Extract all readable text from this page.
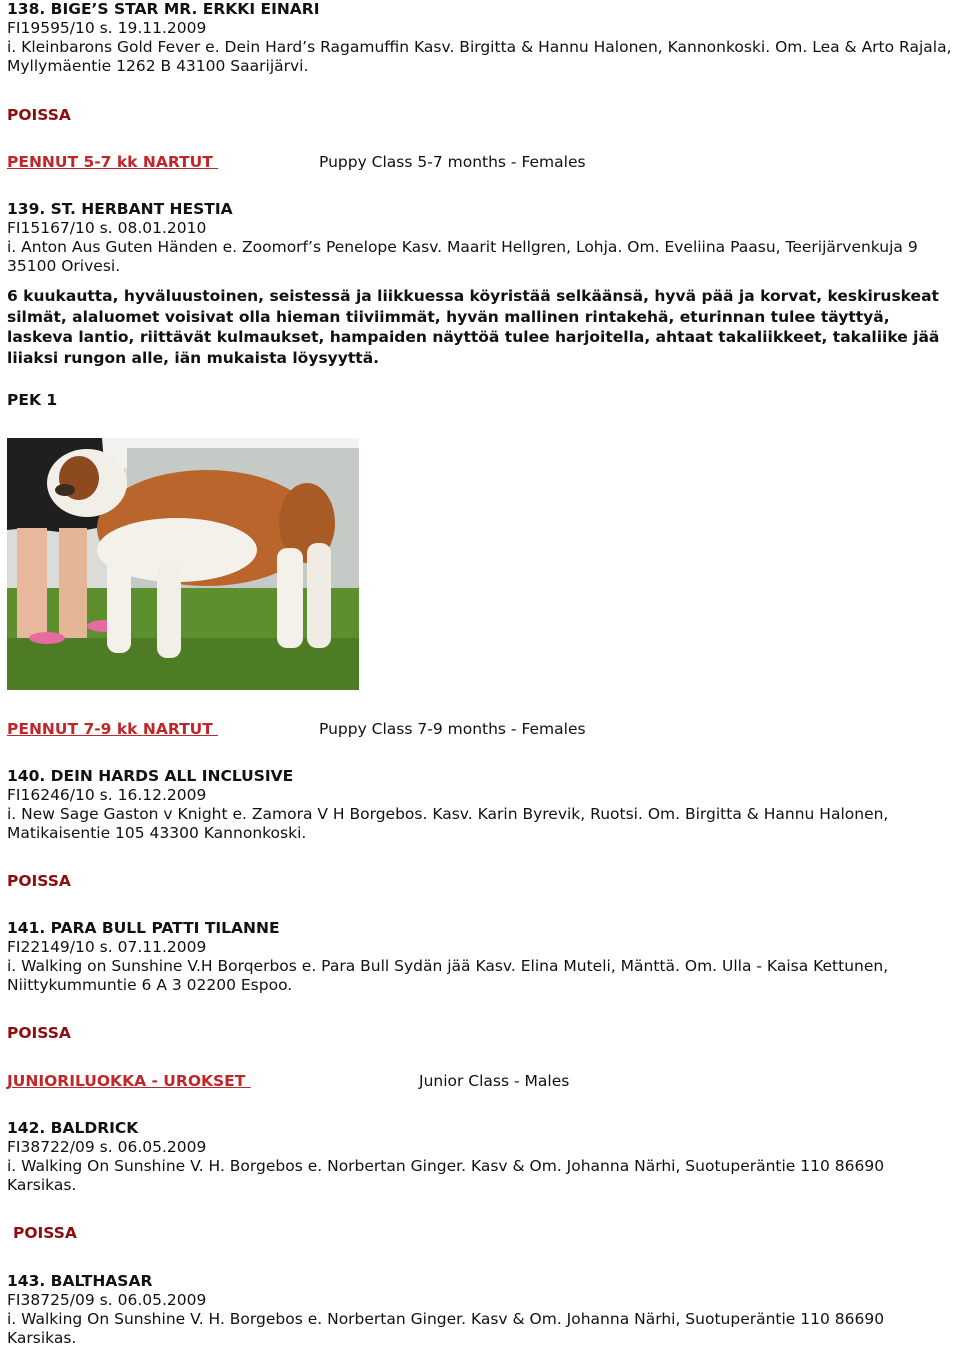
138. BIGE’S STAR MR. ERKKI EINARI
FI19595/10 s. 19.11.2009
i. Kleinbarons Gold Fever e. Dein Hard’s Ragamuffin Kasv. Birgitta & Hannu Halonen, Kannonkoski. Om. Lea & Arto Rajala, Myllymäentie 1262 B 43100 Saarijärvi.
POISSA
PENNUT 5-7 kk NARTUT	Puppy Class 5-7 months - Females
139. ST. HERBANT HESTIA
FI15167/10 s. 08.01.2010
i. Anton Aus Guten Händen e. Zoomorf’s Penelope Kasv. Maarit Hellgren, Lohja. Om. Eveliina Paasu, Teerijärvenkuja 9 35100 Orivesi.
6 kuukautta, hyväluustoinen, seistessä ja liikkuessa köyristää selkäänsä, hyvä pää ja korvat, keskiruskeat silmät, alaluomet voisivat olla hieman tiiviimmät, hyvän mallinen rintakehä, eturinnan tulee täyttyä, laskeva lantio, riittävät kulmaukset, hampaiden näyttöä tulee harjoitella, ahtaat takaliikkeet, takaliike jää liiaksi rungon alle, iän mukaista löysyyttä.
PEK 1
PENNUT 7-9 kk NARTUT	Puppy Class 7-9 months - Females
140. DEIN HARDS ALL INCLUSIVE
FI16246/10 s. 16.12.2009
i. New Sage Gaston v Knight e. Zamora V H Borgebos. Kasv. Karin Byrevik, Ruotsi. Om. Birgitta & Hannu Halonen, Matikaisentie 105 43300 Kannonkoski.
POISSA
141. PARA BULL PATTI TILANNE
FI22149/10 s. 07.11.2009
i. Walking on Sunshine V.H Borqerbos e. Para Bull Sydän jää Kasv. Elina Muteli, Mänttä. Om. Ulla - Kaisa Kettunen, Niittykummuntie 6 A 3 02200 Espoo.
POISSA
JUNIORILUOKKA - UROKSET	Junior Class - Males
142. BALDRICK
FI38722/09 s. 06.05.2009
i. Walking On Sunshine V. H. Borgebos e. Norbertan Ginger. Kasv & Om. Johanna Närhi, Suotuperäntie 110 86690 Karsikas.
POISSA
143. BALTHASAR
FI38725/09 s. 06.05.2009
i. Walking On Sunshine V. H. Borgebos e. Norbertan Ginger. Kasv & Om. Johanna Närhi, Suotuperäntie 110 86690 Karsikas.
